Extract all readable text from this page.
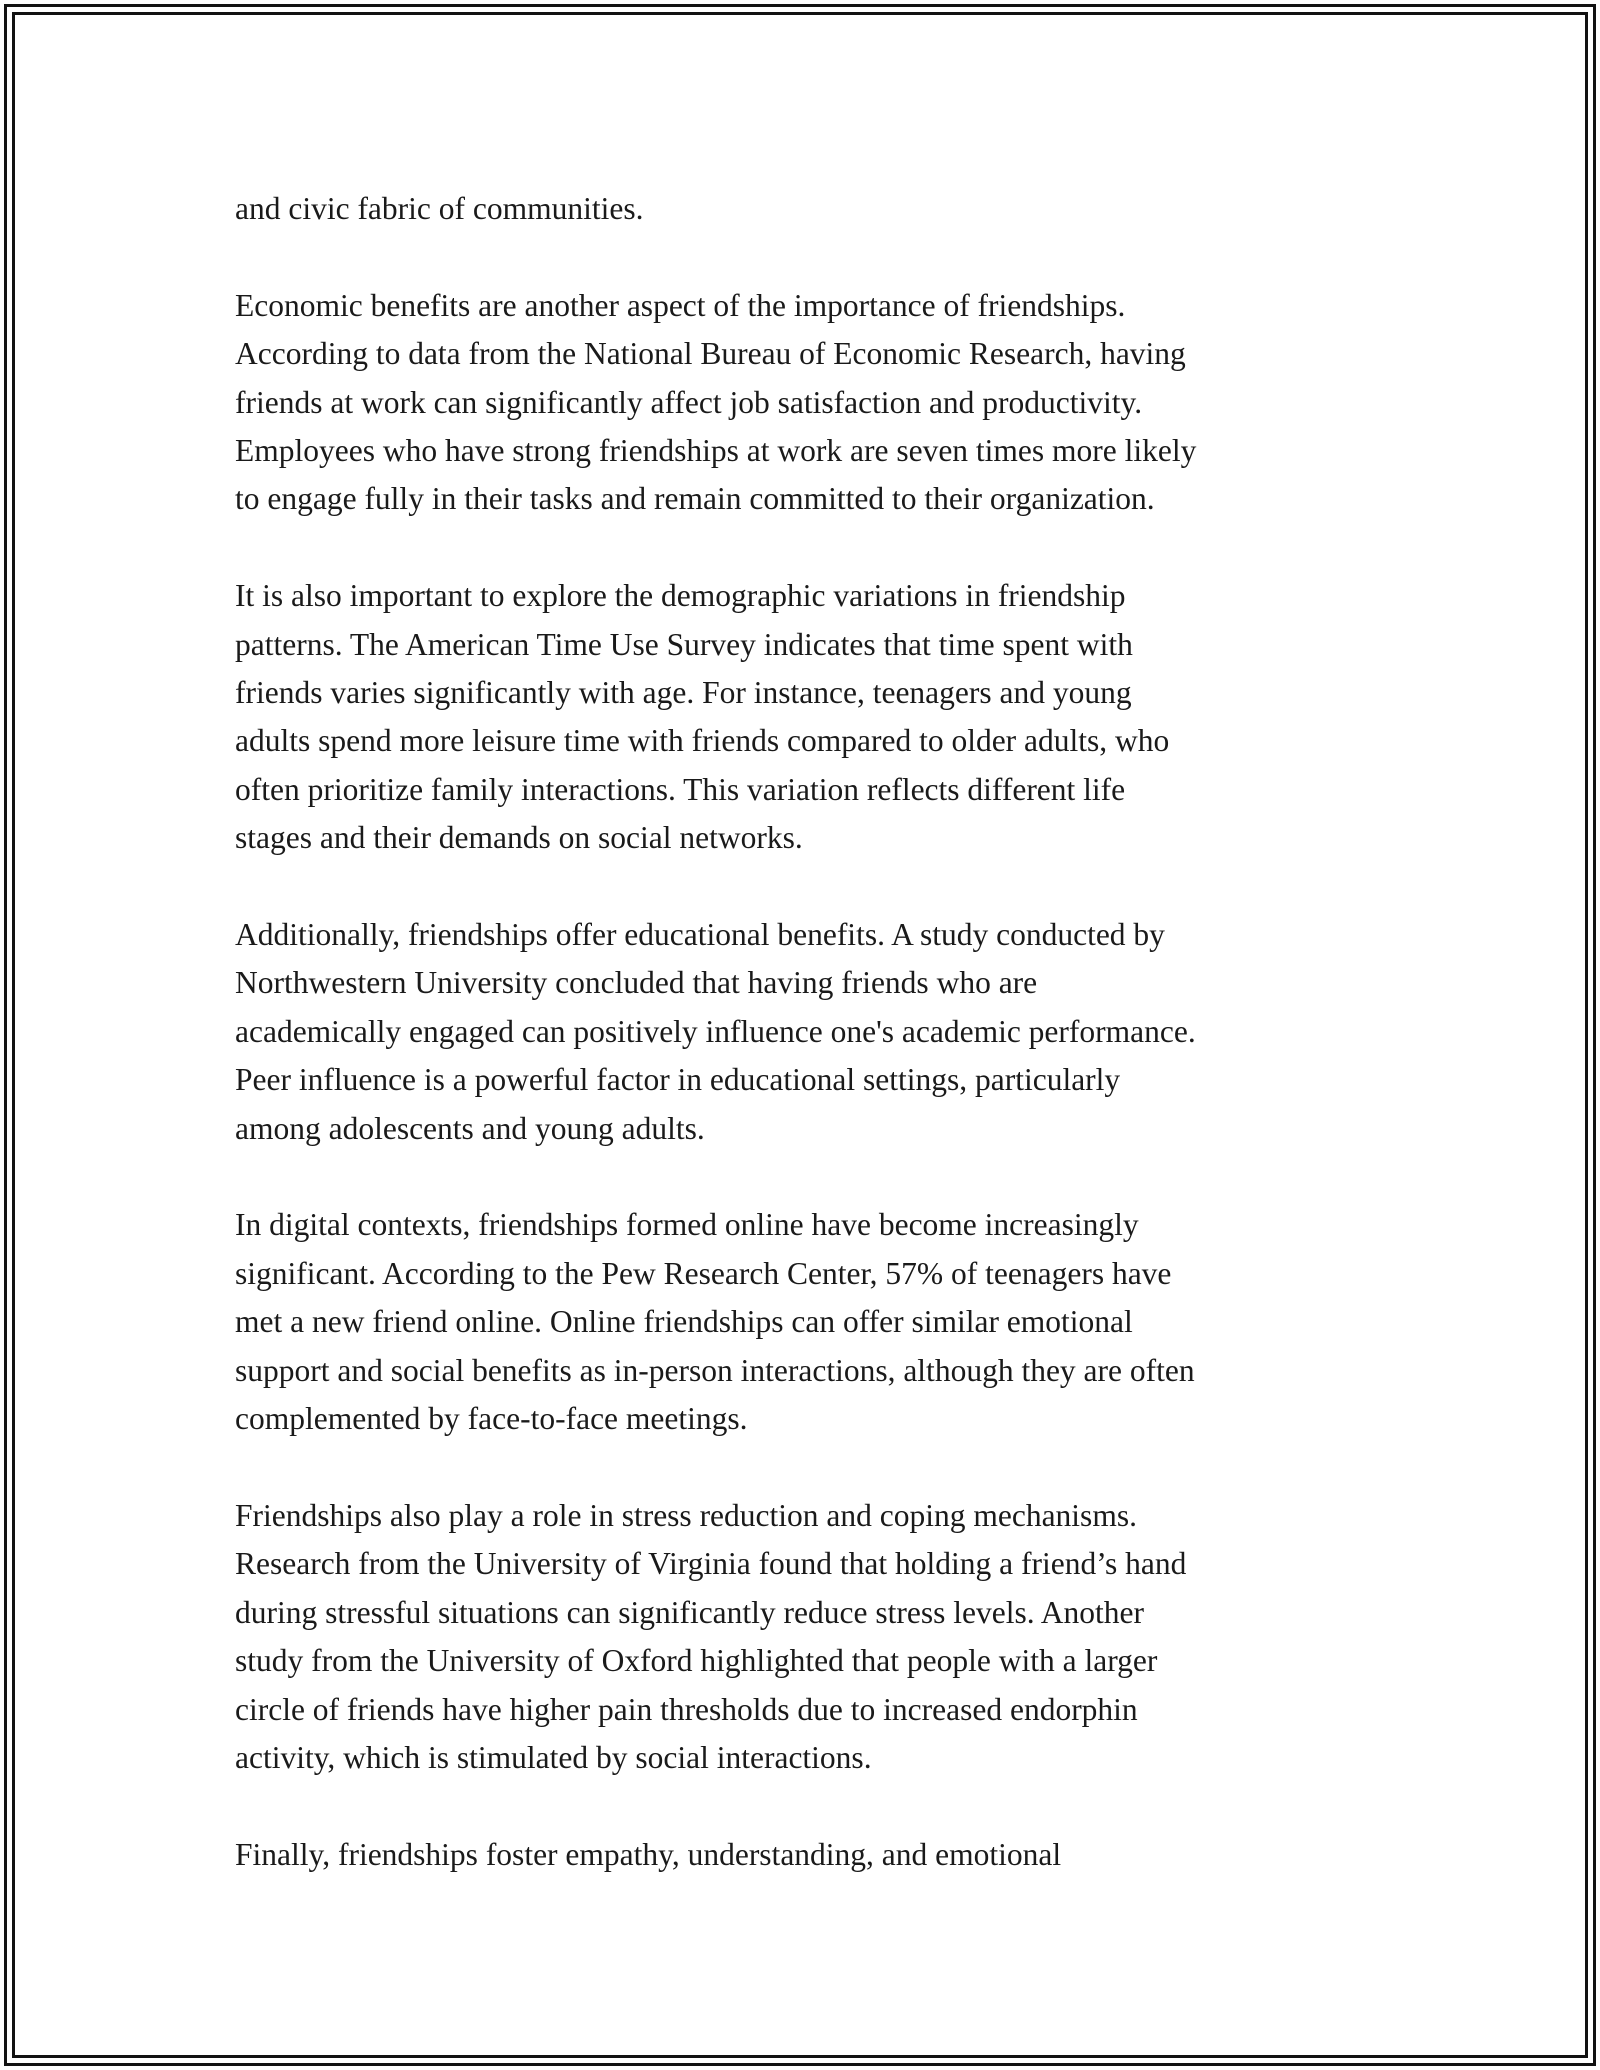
and civic fabric of communities.

Economic benefits are another aspect of the importance of friendships.
According to data from the National Bureau of Economic Research, having
friends at work can significantly affect job satisfaction and productivity.
Employees who have strong friendships at work are seven times more likely
to engage fully in their tasks and remain committed to their organization.

It is also important to explore the demographic variations in friendship
patterns. The American Time Use Survey indicates that time spent with
friends varies significantly with age. For instance, teenagers and young
adults spend more leisure time with friends compared to older adults, who
often prioritize family interactions. This variation reflects different life
stages and their demands on social networks.

Additionally, friendships offer educational benefits. A study conducted by
Northwestern University concluded that having friends who are
academically engaged can positively influence one's academic performance.
Peer influence is a powerful factor in educational settings, particularly
among adolescents and young adults.

In digital contexts, friendships formed online have become increasingly
significant. According to the Pew Research Center, 57% of teenagers have
met a new friend online. Online friendships can offer similar emotional
support and social benefits as in-person interactions, although they are often
complemented by face-to-face meetings.

Friendships also play a role in stress reduction and coping mechanisms.
Research from the University of Virginia found that holding a friend’s hand
during stressful situations can significantly reduce stress levels. Another
study from the University of Oxford highlighted that people with a larger
circle of friends have higher pain thresholds due to increased endorphin
activity, which is stimulated by social interactions.

Finally, friendships foster empathy, understanding, and emotional
